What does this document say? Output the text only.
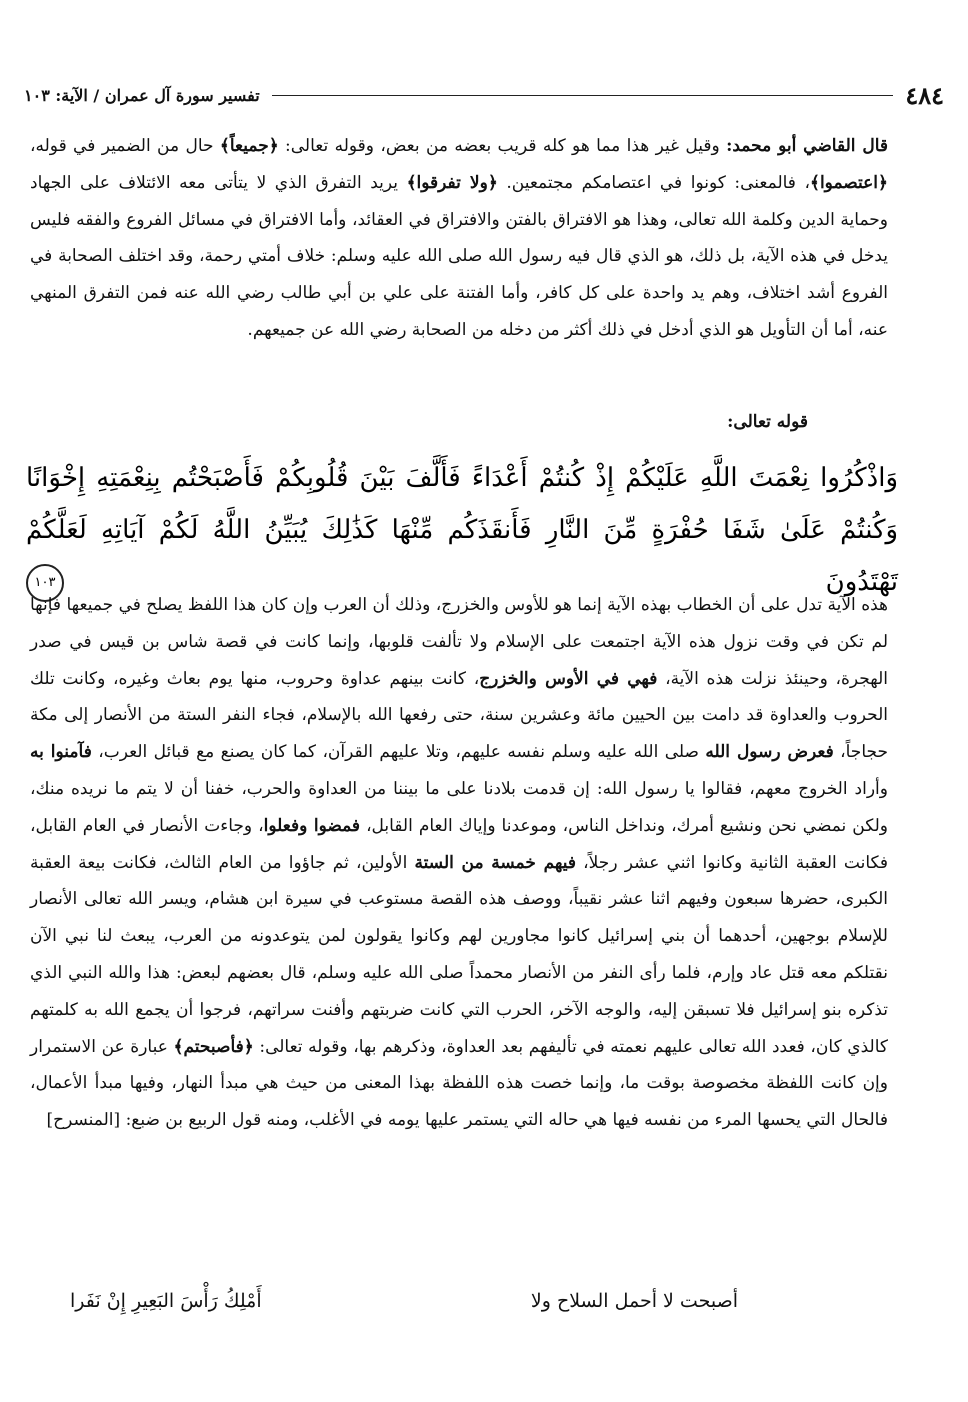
٤٨٤
تفسير سورة آل عمران / الآية: ١٠٣

قال القاضي أبو محمد: وقيل غير هذا مما هو كله قريب بعضه من بعض، وقوله تعالى: ﴿جميعاً﴾ حال من الضمير في قوله، ﴿اعتصموا﴾، فالمعنى: كونوا في اعتصامكم مجتمعين. ﴿ولا تفرقوا﴾ يريد التفرق الذي لا يتأتى معه الائتلاف على الجهاد وحماية الدين وكلمة الله تعالى، وهذا هو الافتراق بالفتن والافتراق في العقائد، وأما الافتراق في مسائل الفروع والفقه فليس يدخل في هذه الآية، بل ذلك، هو الذي قال فيه رسول الله صلى الله عليه وسلم: خلاف أمتي رحمة، وقد اختلف الصحابة في الفروع أشد اختلاف، وهم يد واحدة على كل كافر، وأما الفتنة على علي بن أبي طالب رضي الله عنه فمن التفرق المنهي عنه، أما أن التأويل هو الذي أدخل في ذلك أكثر من دخله من الصحابة رضي الله عن جميعهم.

قوله تعالى:

وَاذْكُرُوا نِعْمَتَ اللَّهِ عَلَيْكُمْ إِذْ كُنتُمْ أَعْدَاءً فَأَلَّفَ بَيْنَ قُلُوبِكُمْ فَأَصْبَحْتُم بِنِعْمَتِهِ إِخْوَانًا وَكُنتُمْ عَلَىٰ شَفَا حُفْرَةٍ مِّنَ النَّارِ فَأَنقَذَكُم مِّنْهَا كَذَٰلِكَ يُبَيِّنُ اللَّهُ لَكُمْ آيَاتِهِ لَعَلَّكُمْ تَهْتَدُونَ ١٠٣

هذه الآية تدل على أن الخطاب بهذه الآية إنما هو للأوس والخزرج، وذلك أن العرب وإن كان هذا اللفظ يصلح في جميعها فإنها لم تكن في وقت نزول هذه الآية اجتمعت على الإسلام ولا تألفت قلوبها، وإنما كانت في قصة شاس بن قيس في صدر الهجرة، وحينئذ نزلت هذه الآية، فهي في الأوس والخزرج، كانت بينهم عداوة وحروب، منها يوم بعاث وغيره، وكانت تلك الحروب والعداوة قد دامت بين الحيين مائة وعشرين سنة، حتى رفعها الله بالإسلام، فجاء النفر الستة من الأنصار إلى مكة حجاجاً، فعرض رسول الله صلى الله عليه وسلم نفسه عليهم، وتلا عليهم القرآن، كما كان يصنع مع قبائل العرب، فآمنوا به وأراد الخروج معهم، فقالوا يا رسول الله: إن قدمت بلادنا على ما بيننا من العداوة والحرب، خفنا أن لا يتم ما نريده منك، ولكن نمضي نحن ونشيع أمرك، ونداخل الناس، وموعدنا وإياك العام القابل، فمضوا وفعلوا، وجاءت الأنصار في العام القابل، فكانت العقبة الثانية وكانوا اثني عشر رجلاً، فيهم خمسة من الستة الأولين، ثم جاؤوا من العام الثالث، فكانت بيعة العقبة الكبرى، حضرها سبعون وفيهم اثنا عشر نقيباً، ووصف هذه القصة مستوعب في سيرة ابن هشام، ويسر الله تعالى الأنصار للإسلام بوجهين، أحدهما أن بني إسرائيل كانوا مجاورين لهم وكانوا يقولون لمن يتوعدونه من العرب، يبعث لنا نبي الآن نقتلكم معه قتل عاد وإرم، فلما رأى النفر من الأنصار محمداً صلى الله عليه وسلم، قال بعضهم لبعض: هذا والله النبي الذي تذكره بنو إسرائيل فلا تسبقن إليه، والوجه الآخر، الحرب التي كانت ضربتهم وأفنت سراتهم، فرجوا أن يجمع الله به كلمتهم كالذي كان، فعدد الله تعالى عليهم نعمته في تأليفهم بعد العداوة، وذكرهم بها، وقوله تعالى: ﴿فأصبحتم﴾ عبارة عن الاستمرار وإن كانت اللفظة مخصوصة بوقت ما، وإنما خصت هذه اللفظة بهذا المعنى من حيث هي مبدأ النهار، وفيها مبدأ الأعمال، فالحال التي يحسها المرء من نفسه فيها هي حاله التي يستمر عليها يومه في الأغلب، ومنه قول الربيع بن ضبع: [المنسرح]

أصبحت لا أحمل السلاح ولا
أَمْلِكُ رَأْسَ البَعِيرِ إِنْ نَفَرا
